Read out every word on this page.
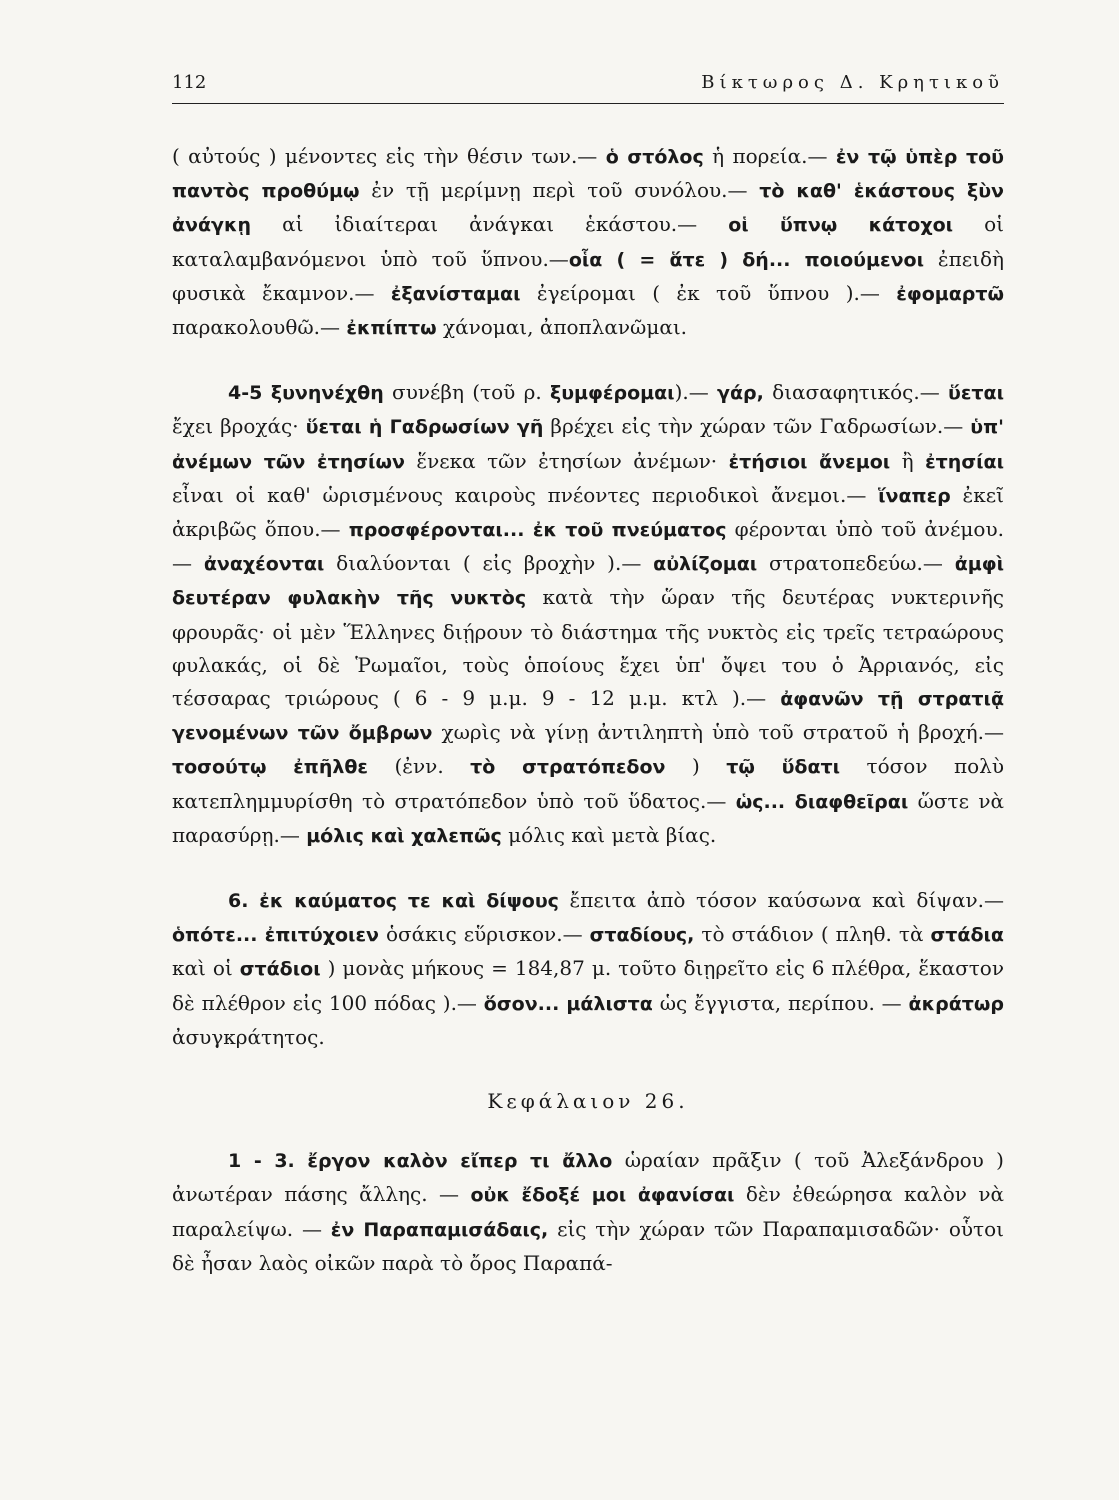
112	Βίκτωρος Δ. Κρητικοῦ

( αὐτούς ) μένοντες εἰς τὴν θέσιν των.— ὁ στόλος ἡ πορεία.— ἐν τῷ ὑπὲρ τοῦ παντὸς προθύμῳ ἐν τῇ μερίμνῃ περὶ τοῦ συνόλου.— τὸ καθ' ἑκάστους ξὺν ἀνάγκῃ αἱ ἰδιαίτεραι ἀνάγκαι ἑκάστου.— οἱ ὕπνῳ κάτοχοι οἱ καταλαμβανόμενοι ὑπὸ τοῦ ὕπνου.—οἷα ( = ἅτε ) δή... ποιούμενοι ἐπειδὴ φυσικὰ ἔκαμνον.— ἐξανίσταμαι ἐγείρομαι ( ἐκ τοῦ ὕπνου ).— ἐφομαρτῶ παρακολουθῶ.— ἐκπίπτω χάνομαι, ἀποπλανῶμαι.

4-5 ξυνηνέχθη συνέβη (τοῦ ρ. ξυμφέρομαι).— γάρ, διασαφητικός.— ὕεται ἔχει βροχάς· ὕεται ἡ Γαδρωσίων γῆ βρέχει εἰς τὴν χώραν τῶν Γαδρωσίων.— ὑπ' ἀνέμων τῶν ἐτησίων ἕνεκα τῶν ἐτησίων ἀνέμων· ἐτήσιοι ἄνεμοι ἢ ἐτησίαι εἶναι οἱ καθ' ὡρισμένους καιροὺς πνέοντες περιοδικοὶ ἄνεμοι.— ἵναπερ ἐκεῖ ἀκριβῶς ὅπου.— προσφέρονται... ἐκ τοῦ πνεύματος φέρονται ὑπὸ τοῦ ἀνέμου.— ἀναχέονται διαλύονται ( εἰς βροχὴν ).— αὐλίζομαι στρατοπεδεύω.— ἀμφὶ δευτέραν φυλακὴν τῆς νυκτὸς κατὰ τὴν ὥραν τῆς δευτέρας νυκτερινῆς φρουρᾶς· οἱ μὲν Ἕλληνες διῄρουν τὸ διάστημα τῆς νυκτὸς εἰς τρεῖς τετραώρους φυλακάς, οἱ δὲ Ῥωμαῖοι, τοὺς ὁποίους ἔχει ὑπ' ὄψει του ὁ Ἀρριανός, εἰς τέσσαρας τριώρους ( 6 - 9 μ.μ. 9 - 12 μ.μ. κτλ ).— ἀφανῶν τῇ στρατιᾷ γενομένων τῶν ὄμβρων χωρὶς νὰ γίνῃ ἀντιληπτὴ ὑπὸ τοῦ στρατοῦ ἡ βροχή.— τοσούτῳ ἐπῆλθε (ἐνν. τὸ στρατόπεδον ) τῷ ὕδατι τόσον πολὺ κατεπλημμυρίσθη τὸ στρατόπεδον ὑπὸ τοῦ ὕδατος.— ὡς... διαφθεῖραι ὥστε νὰ παρασύρῃ.— μόλις καὶ χαλεπῶς μόλις καὶ μετὰ βίας.

6. ἐκ καύματος τε καὶ δίψους ἔπειτα ἀπὸ τόσον καύσωνα καὶ δίψαν.— ὁπότε... ἐπιτύχοιεν ὁσάκις εὕρισκον.— σταδίους, τὸ στάδιον ( πληθ. τὰ στάδια καὶ οἱ στάδιοι ) μονὰς μήκους = 184,87 μ. τοῦτο διῃρεῖτο εἰς 6 πλέθρα, ἕκαστον δὲ πλέθρον εἰς 100 πόδας ).— ὅσον... μάλιστα ὡς ἔγγιστα, περίπου. — ἀκράτωρ ἀσυγκράτητος.

Κεφάλαιον 26.

1 - 3. ἔργον καλὸν εἴπερ τι ἄλλο ὡραίαν πρᾶξιν ( τοῦ Ἀλεξάνδρου ) ἀνωτέραν πάσης ἄλλης. — οὐκ ἔδοξέ μοι ἀφανίσαι δὲν ἐθεώρησα καλὸν νὰ παραλείψω. — ἐν Παραπαμισάδαις, εἰς τὴν χώραν τῶν Παραπαμισαδῶν· οὗτοι δὲ ἦσαν λαὸς οἰκῶν παρὰ τὸ ὄρος Παραπά-
